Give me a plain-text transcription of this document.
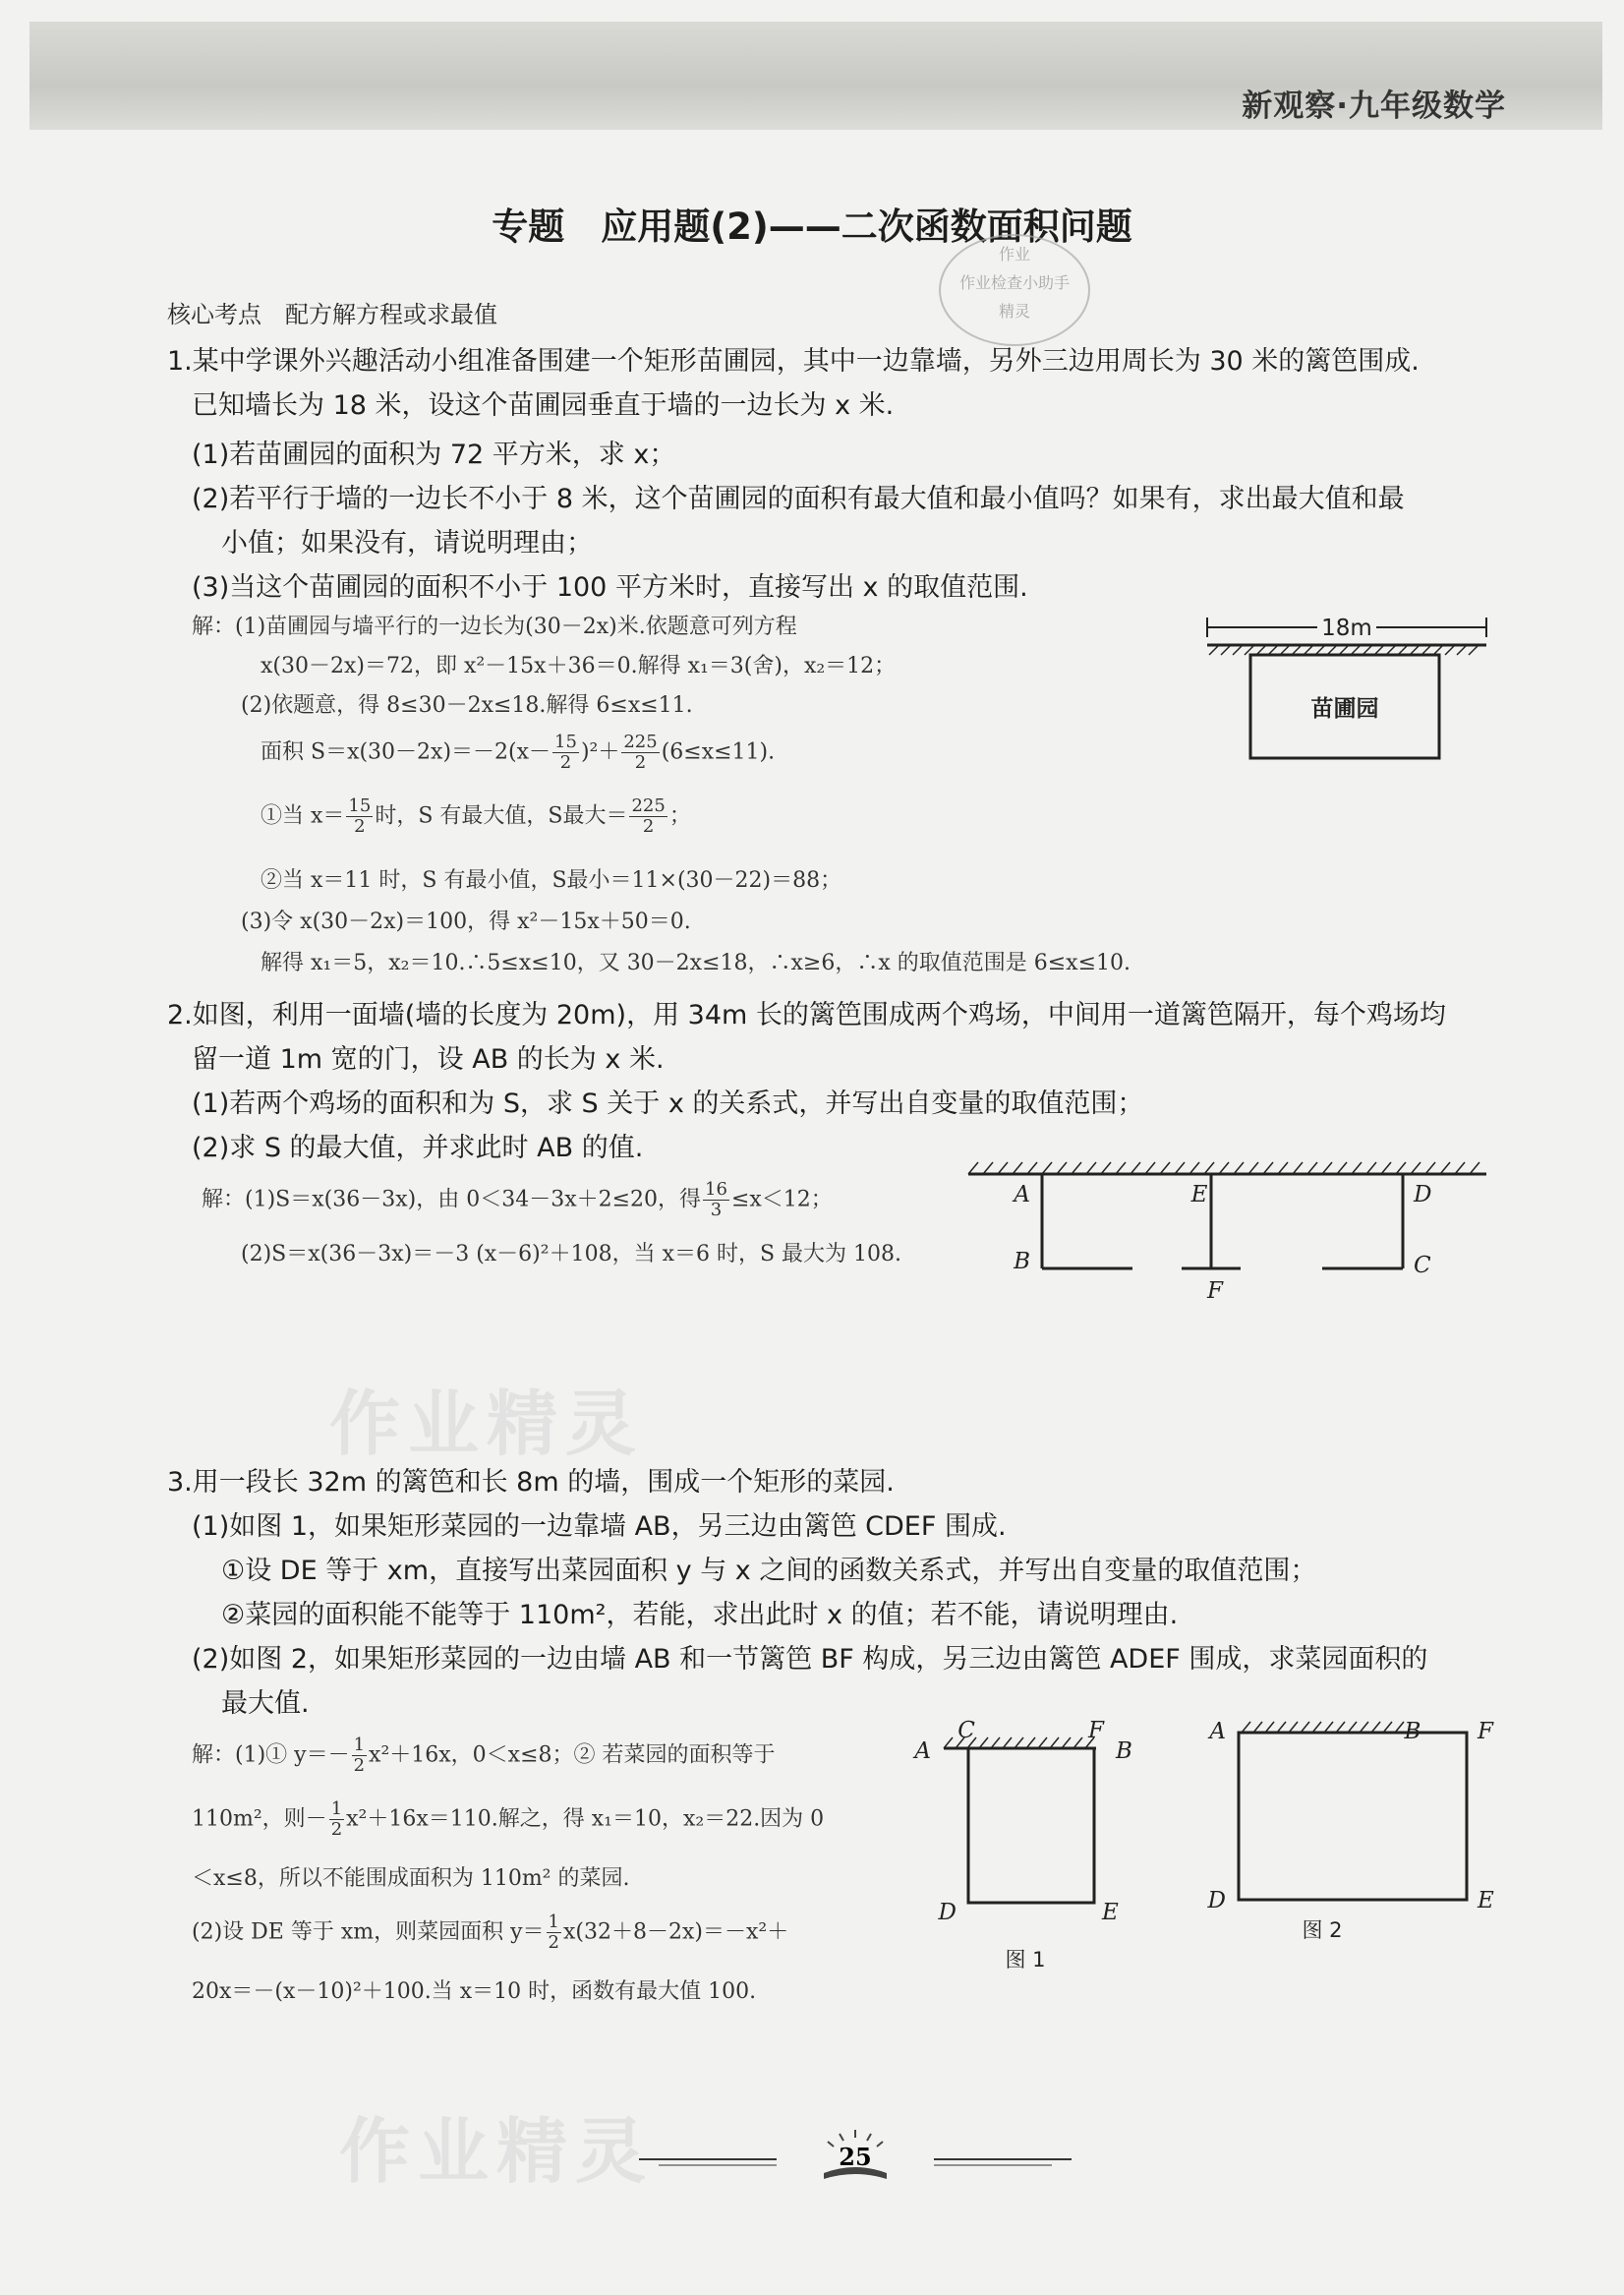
新观察·九年级数学
专题　应用题(2)——二次函数面积问题
作业
作业检查小助手
精灵
作业精灵
作业精灵
核心考点　配方解方程或求最值
1.某中学课外兴趣活动小组准备围建一个矩形苗圃园，其中一边靠墙，另外三边用周长为 30 米的篱笆围成.
已知墙长为 18 米，设这个苗圃园垂直于墙的一边长为 x 米.
(1)若苗圃园的面积为 72 平方米，求 x；
(2)若平行于墙的一边长不小于 8 米，这个苗圃园的面积有最大值和最小值吗？如果有，求出最大值和最
小值；如果没有，请说明理由；
(3)当这个苗圃园的面积不小于 100 平方米时，直接写出 x 的取值范围.
解：(1)苗圃园与墙平行的一边长为(30－2x)米.依题意可列方程
x(30－2x)＝72，即 x²－15x＋36＝0.解得 x₁＝3(舍)，x₂＝12；
(2)依题意，得 8≤30－2x≤18.解得 6≤x≤11.
面积 $S=x(30-2x)=-2(x- \frac{15}{2} )^2+ \frac{225}{2} (6\le x\le 11)$.
①当 $x= \frac{15}{2}$ 时，S 有最大值，S最大＝ $\frac{225}{2}$ ；
②当 x＝11 时，S 有最小值，S最小＝11×(30－22)＝88；
(3)令 x(30－2x)＝100，得 x²－15x＋50＝0.
解得 x₁＝5，x₂＝10.∴5≤x≤10，又 30－2x≤18，∴x≥6，∴x 的取值范围是 6≤x≤10.
18m
苗圃园
2.如图，利用一面墙(墙的长度为 20m)，用 34m 长的篱笆围成两个鸡场，中间用一道篱笆隔开，每个鸡场均
留一道 1m 宽的门，设 AB 的长为 x 米.
(1)若两个鸡场的面积和为 S，求 S 关于 x 的关系式，并写出自变量的取值范围；
(2)求 S 的最大值，并求此时 AB 的值.
解：(1)S＝x(36－3x)，由 0＜34－3x＋2≤20，得 $\frac{16}{3} \le x<12$；
(2)S＝x(36－3x)＝－3 (x－6)²＋108，当 x＝6 时，S 最大为 108.
A
B
E
F
D
C
3.用一段长 32m 的篱笆和长 8m 的墙，围成一个矩形的菜园.
(1)如图 1，如果矩形菜园的一边靠墙 AB，另三边由篱笆 CDEF 围成.
①设 DE 等于 xm，直接写出菜园面积 y 与 x 之间的函数关系式，并写出自变量的取值范围；
②菜园的面积能不能等于 110m²，若能，求出此时 x 的值；若不能，请说明理由.
(2)如图 2，如果矩形菜园的一边由墙 AB 和一节篱笆 BF 构成，另三边由篱笆 ADEF 围成，求菜园面积的
最大值.
解：(1)① $y=- \frac{1}{2} x^2+16x$，0＜x≤8；② 若菜园的面积等于
110m²，则－ $\frac{1}{2} x^2+16x=110$.解之，得 x₁＝10，x₂＝22.因为 0
＜x≤8，所以不能围成面积为 110m² 的菜园.
(2)设 DE 等于 xm，则菜园面积 $y= \frac{1}{2} x(32+8-2x)=-x^2+$
20x＝－(x－10)²＋100.当 x＝10 时，函数有最大值 100.
A
C	F
B
D	E
图 1
A	B	F
D	E
图 2
25
